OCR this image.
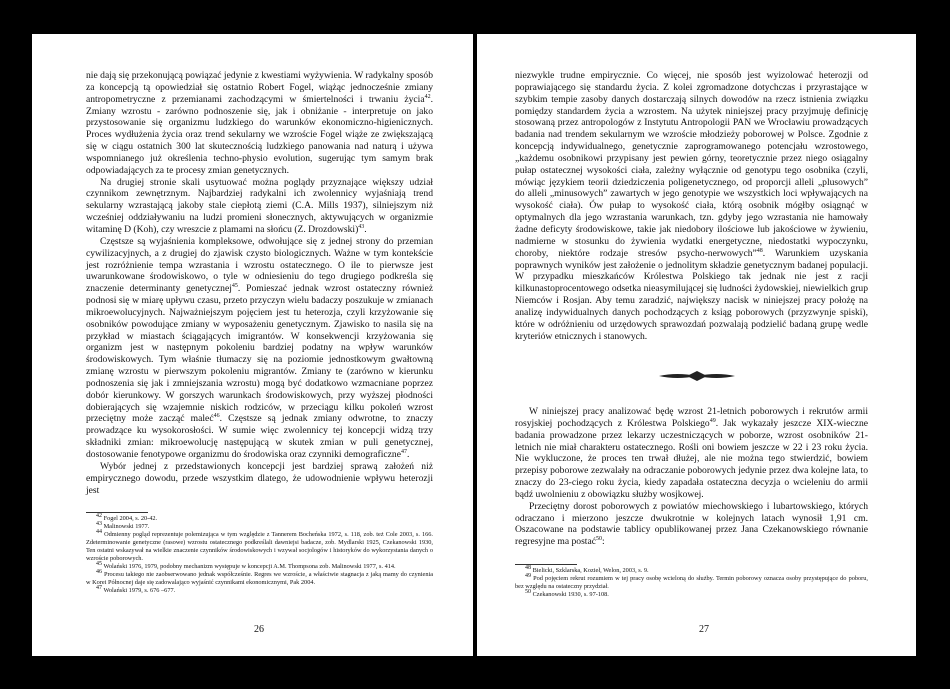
nie dają się przekonującą powiązać jedynie z kwestiami wyżywienia. W radykalny sposób za koncepcją tą opowiedział się ostatnio Robert Fogel, wiążąc jednocześnie zmiany antropometryczne z przemianami zachodzącymi w śmiertelności i trwaniu życia$^{42}$. Zmiany wzrostu - zarówno podnoszenie się, jak i obniżanie - interpretuje on jako przystosowanie się organizmu ludzkiego do warunków ekonomiczno-higienicznych. Proces wydłużenia życia oraz trend sekularny we wzroście Fogel wiąże ze zwiększającą się w ciągu ostatnich 300 lat skutecznością ludzkiego panowania nad naturą i używa wspomnianego już określenia techno-physio evolution, sugerując tym samym brak odpowiadających za te procesy zmian genetycznych.

Na drugiej stronie skali usytuować można poglądy przyznające większy udział czynnikom zewnętrznym. Najbardziej radykalni ich zwolennicy wyjaśniają trend sekularny wzrastającą jakoby stale ciepłotą ziemi (C.A. Mills 1937), silniejszym niż wcześniej oddziaływaniu na ludzi promieni słonecznych, aktywujących w organizmie witaminę D (Koh), czy wreszcie z plamami na słońcu (Z. Drozdowski)$^{43}$.

Częstsze są wyjaśnienia kompleksowe, odwołujące się z jednej strony do przemian cywilizacyjnych, a z drugiej do zjawisk czysto biologicznych. Ważne w tym kontekście jest rozróżnienie tempa wzrastania i wzrostu ostatecznego. O ile to pierwsze jest uwarunkowane środowiskowo, o tyle w odniesieniu do tego drugiego podkreśla się znaczenie determinanty genetycznej$^{45}$. Pomieszać jednak wzrost ostateczny również podnosi się w miarę upływu czasu, przeto przyczyn wielu badaczy poszukuje w zmianach mikroewolucyjnych. Najważniejszym pojęciem jest tu heterozja, czyli krzyżowanie się osobników powodujące zmiany w wyposażeniu genetycznym. Zjawisko to nasila się na przykład w miastach ściągających imigrantów. W konsekwencji krzyżowania się organizm jest w następnym pokoleniu bardziej podatny na wpływ warunków środowiskowych. Tym właśnie tłumaczy się na poziomie jednostkowym gwałtowną zmianę wzrostu w pierwszym pokoleniu migrantów. Zmiany te (zarówno w kierunku podnoszenia się jak i zmniejszania wzrostu) mogą być dodatkowo wzmacniane poprzez dobór kierunkowy. W gorszych warunkach środowiskowych, przy wyższej płodności dobierających się wzajemnie niskich rodziców, w przeciągu kilku pokoleń wzrost przeciętny może zacząć maleć$^{46}$. Częstsze są jednak zmiany odwrotne, to znaczy prowadzące ku wysokorosłości. W sumie więc zwolennicy tej koncepcji widzą trzy składniki zmian: mikroewolucję następującą w skutek zmian w puli genetycznej, dostosowanie fenotypowe organizmu do środowiska oraz czynniki demograficzne$^{47}$.

Wybór jednej z przedstawionych koncepcji jest bardziej sprawą założeń niż empirycznego dowodu, przede wszystkim dlatego, że udowodnienie wpływu heterozji jest

$^{42}$ Fogel 2004, s. 20-42.

$^{43}$ Malinowski 1977.

$^{44}$ Odmienny pogląd reprezentuje polemizująca w tym względzie z Tannerem Bocheńska 1972, s. 118, zob. też Cole 2003, s. 166. Zdeterminowanie genetyczne (rasowe) wzrostu ostatecznego podkreślali dawniejsi badacze, zob. Mydlarski 1925, Czekanowski 1930, Ten ostatni wskazywał na wielkie znaczenie czynników środowiskowych i wzywał socjologów i historyków do wykorzystania danych o wzroście poborowych.

$^{45}$ Wolański 1976, 1979, podobny mechanizm występuje w koncepcji A.M. Thompsona zob. Malinowski 1977, s. 414.

$^{46}$ Procesu takiego nie zaobserwowano jednak współcześnie. Regres we wzroście, a właściwie stagnacja z jaką mamy do czynienia w Korei Północnej daje się zadowalająco wyjaśnić czynnikami ekonomicznymi, Pak 2004.

$^{47}$ Wolański 1979, s. 676 –677.

26

niezwykle trudne empirycznie. Co więcej, nie sposób jest wyizolować heterozji od poprawiającego się standardu życia. Z kolei zgromadzone dotychczas i przyrastające w szybkim tempie zasoby danych dostarczają silnych dowodów na rzecz istnienia związku pomiędzy standardem życia a wzrostem. Na użytek niniejszej pracy przyjmuję definicję stosowaną przez antropologów z Instytutu Antropologii PAN we Wrocławiu prowadzących badania nad trendem sekularnym we wzroście młodzieży poborowej w Polsce. Zgodnie z koncepcją indywidualnego, genetycznie zaprogramowanego potencjału wzrostowego, „każdemu osobnikowi przypisany jest pewien górny, teoretycznie przez niego osiągalny pułap ostatecznej wysokości ciała, zależny wyłącznie od genotypu tego osobnika (czyli, mówiąc językiem teorii dziedziczenia poligenetycznego, od proporcji alleli „plusowych” do alleli „minusowych” zawartych w jego genotypie we wszystkich loci wpływających na wysokość ciała). Ów pułap to wysokość ciała, którą osobnik mógłby osiągnąć w optymalnych dla jego wzrastania warunkach, tzn. gdyby jego wzrastania nie hamowały żadne deficyty środowiskowe, takie jak niedobory ilościowe lub jakościowe w żywieniu, nadmierne w stosunku do żywienia wydatki energetyczne, niedostatki wypoczynku, choroby, niektóre rodzaje stresów psycho-nerwowych”$^{48}$. Warunkiem uzyskania poprawnych wyników jest założenie o jednolitym składzie genetycznym badanej populacji. W przypadku mieszkańców Królestwa Polskiego tak jednak nie jest z racji kilkunastoprocentowego odsetka nieasymilującej się ludności żydowskiej, niewielkich grup Niemców i Rosjan. Aby temu zaradzić, największy nacisk w niniejszej pracy położę na analizę indywidualnych danych pochodzących z ksiąg poborowych (przyzwynje spiski), które w odróżnieniu od urzędowych sprawozdań pozwalają podzielić badaną grupę wedle kryteriów etnicznych i stanowych.

W niniejszej pracy analizować będę wzrost 21-letnich poborowych i rekrutów armii rosyjskiej pochodzących z Królestwa Polskiego$^{49}$. Jak wykazały jeszcze XIX-wieczne badania prowadzone przez lekarzy uczestniczących w poborze, wzrost osobników 21-letnich nie miał charakteru ostatecznego. Rośli oni bowiem jeszcze w 22 i 23 roku życia. Nie wykluczone, że proces ten trwał dłużej, ale nie można tego stwierdzić, bowiem przepisy poborowe zezwalały na odraczanie poborowych jedynie przez dwa kolejne lata, to znaczy do 23-ciego roku życia, kiedy zapadała ostateczna decyzja o wcieleniu do armii bądź uwolnieniu z obowiązku służby wosjkowej.

Przeciętny dorost poborowych z powiatów miechowskiego i lubartowskiego, których odraczano i mierzono jeszcze dwukrotnie w kolejnych latach wynosił 1,91 cm. Oszacowane na podstawie tablicy opublikowanej przez Jana Czekanowskiego równanie regresyjne ma postać$^{50}$:

$^{48}$ Bielicki, Szklarska, Kozieł, Welon, 2003, s. 9.

$^{49}$ Pod pojęciem rekrut rozumiem w tej pracy osobę wcieloną do służby. Termin poborowy oznacza osoby przystępujące do poboru, bez względu na ostateczny przydział.

$^{50}$ Czekanowski 1930, s. 97-108.

27
